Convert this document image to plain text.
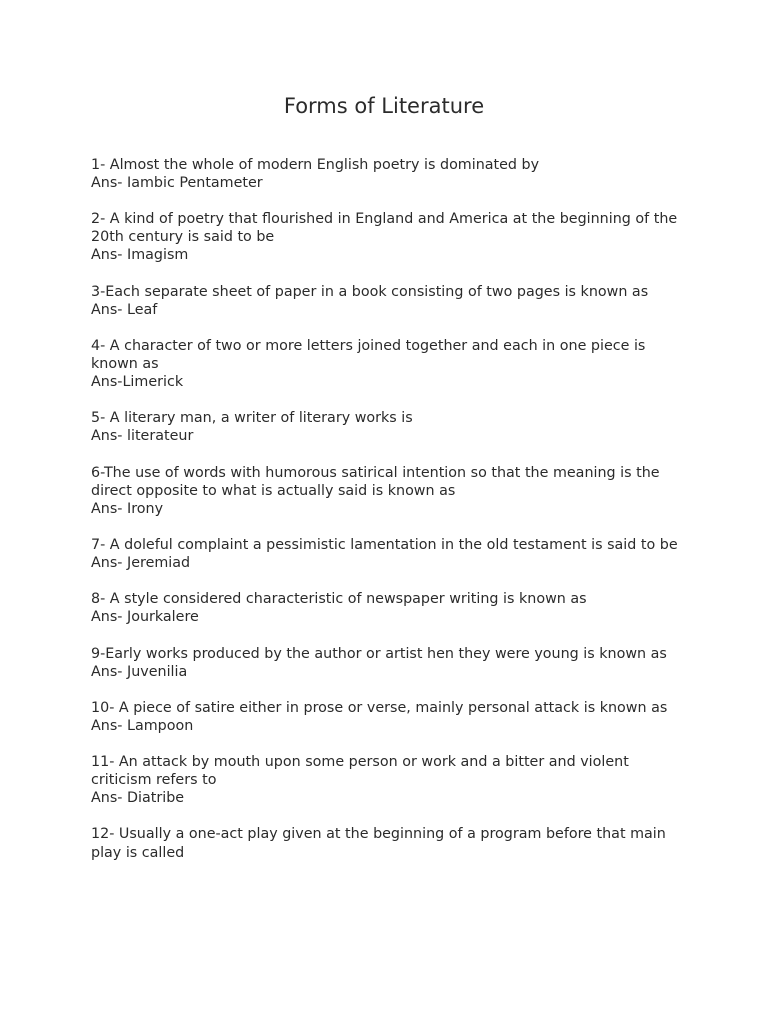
Forms of Literature
1- Almost the whole of modern English poetry is dominated by
Ans- Iambic Pentameter
2- A kind of poetry that flourished in England and America at the beginning of the 20th century is said to be
Ans- Imagism
3-Each separate sheet of paper in a book consisting of two pages is known as
Ans- Leaf
4- A character of two or more letters joined together and each in one piece is known as
Ans-Limerick
5- A literary man, a writer of literary works is
Ans- literateur
6-The use of words with humorous satirical intention so that the meaning is the direct opposite to what is actually said is known as
Ans- Irony
7- A doleful complaint a pessimistic lamentation in the old testament is said to be
Ans- Jeremiad
8- A style considered characteristic of newspaper writing is known as
Ans- Jourkalere
9-Early works produced by the author or artist hen they were young is known as
Ans- Juvenilia
10- A piece of satire either in prose or verse, mainly personal attack is known as
Ans- Lampoon
11- An attack by mouth upon some person or work and a bitter and violent criticism refers to
Ans- Diatribe
12- Usually a one-act play given at the beginning of a program before that main play is called
